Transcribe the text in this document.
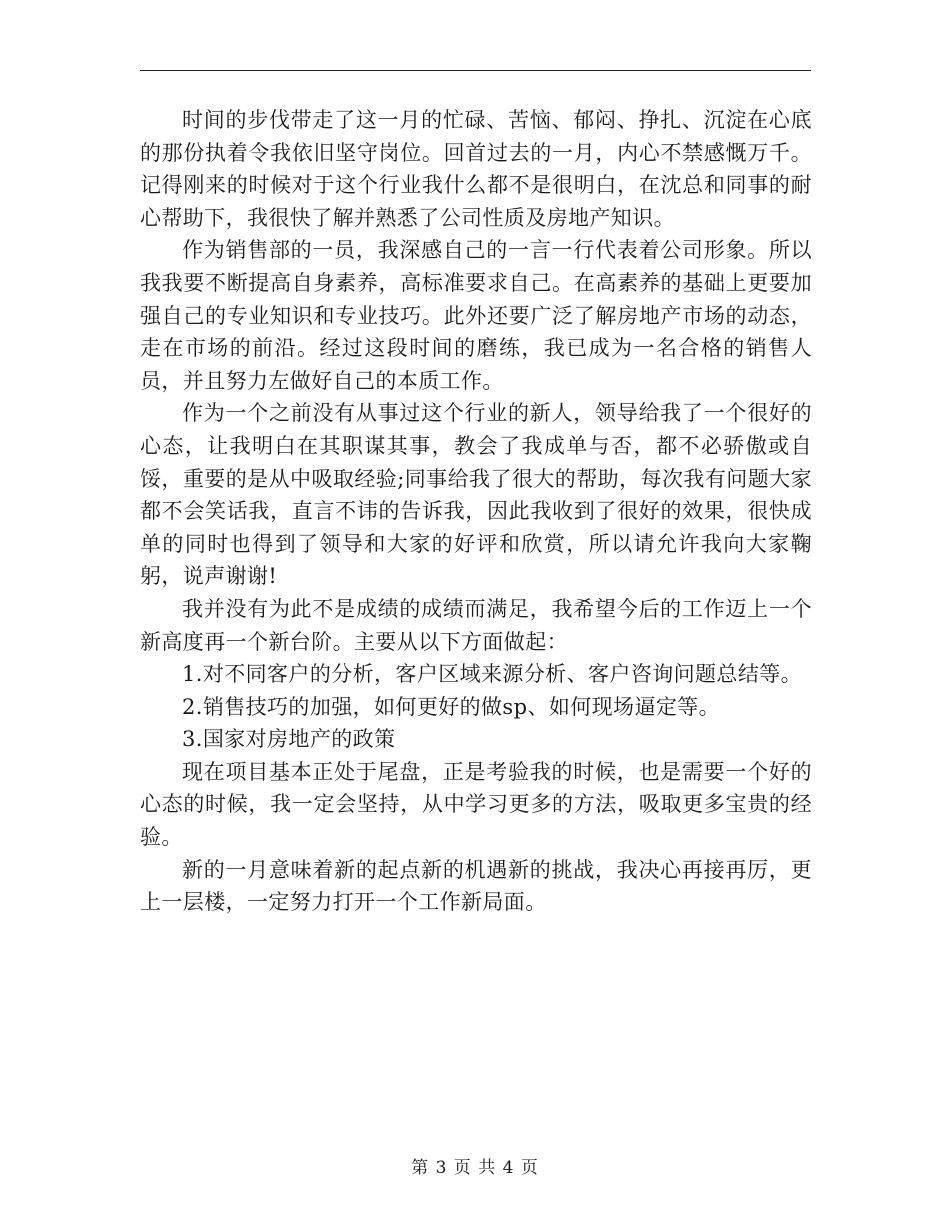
时间的步伐带走了这一月的忙碌、苦恼、郁闷、挣扎、沉淀在心底的那份执着令我依旧坚守岗位。回首过去的一月，内心不禁感慨万千。记得刚来的时候对于这个行业我什么都不是很明白，在沈总和同事的耐心帮助下，我很快了解并熟悉了公司性质及房地产知识。

作为销售部的一员，我深感自己的一言一行代表着公司形象。所以我我要不断提高自身素养，高标准要求自己。在高素养的基础上更要加强自己的专业知识和专业技巧。此外还要广泛了解房地产市场的动态，走在市场的前沿。经过这段时间的磨练，我已成为一名合格的销售人员，并且努力左做好自己的本质工作。

作为一个之前没有从事过这个行业的新人，领导给我了一个很好的心态，让我明白在其职谋其事，教会了我成单与否，都不必骄傲或自馁，重要的是从中吸取经验;同事给我了很大的帮助，每次我有问题大家都不会笑话我，直言不讳的告诉我，因此我收到了很好的效果，很快成单的同时也得到了领导和大家的好评和欣赏，所以请允许我向大家鞠躬，说声谢谢!

我并没有为此不是成绩的成绩而满足，我希望今后的工作迈上一个新高度再一个新台阶。主要从以下方面做起：

1.对不同客户的分析，客户区域来源分析、客户咨询问题总结等。

2.销售技巧的加强，如何更好的做sp、如何现场逼定等。

3.国家对房地产的政策

现在项目基本正处于尾盘，正是考验我的时候，也是需要一个好的心态的时候，我一定会坚持，从中学习更多的方法，吸取更多宝贵的经验。

新的一月意味着新的起点新的机遇新的挑战，我决心再接再厉，更上一层楼，一定努力打开一个工作新局面。

第 3 页 共 4 页
